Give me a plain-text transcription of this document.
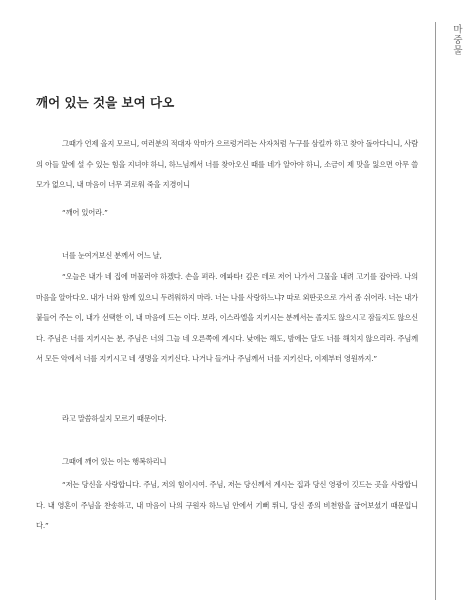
마중물
깨어 있는 것을 보여 다오

그때가 언제 올지 모르니, 여러분의 적대자 악마가 으르렁거리는 사자처럼 누구를 삼킬까 하고 찾아 돌아다니니, 사람의 아들 앞에 설 수 있는 힘을 지녀야 하니, 하느님께서 너를 찾아오신 때를 네가 알아야 하니, 소금이 제 맛을 잃으면 아무 쓸모가 없으니, 내 마음이 너무 괴로워 죽을 지경이니

“깨어 있어라.”

너를 눈여겨보신 분께서 어느 날,

“오늘은 내가 네 집에 머물러야 하겠다. 손을 펴라. 에파타! 깊은 데로 저어 나가서 그물을 내려 고기를 잡아라. 나의 마음을 알아다오. 내가 너와 함께 있으니 두려워하지 마라. 너는 나를 사랑하느냐? 따로 외딴곳으로 가서 좀 쉬어라. 너는 내가 붙들어 주는 이, 내가 선택한 이, 내 마음에 드는 이다. 보라, 이스라엘을 지키시는 분께서는 졸지도 않으시고 잠들지도 않으신다. 주님은 너를 지키시는 분, 주님은 너의 그늘 네 오른쪽에 계시다. 낮에는 해도, 밤에는 달도 너를 해치지 않으리라. 주님께서 모든 악에서 너를 지키시고 네 생명을 지키신다. 나거나 들거나 주님께서 너를 지키신다, 이제부터 영원까지.”

라고 말씀하실지 모르기 때문이다.

그때에 깨어 있는 이는 행복하리니

“저는 당신을 사랑합니다. 주님, 저의 힘이시여. 주님, 저는 당신께서 계시는 집과 당신 영광이 깃드는 곳을 사랑합니다. 내 영혼이 주님을 찬송하고, 내 마음이 나의 구원자 하느님 안에서 기뻐 뛰니, 당신 종의 비천함을 굽어보셨기 때문입니다.”
